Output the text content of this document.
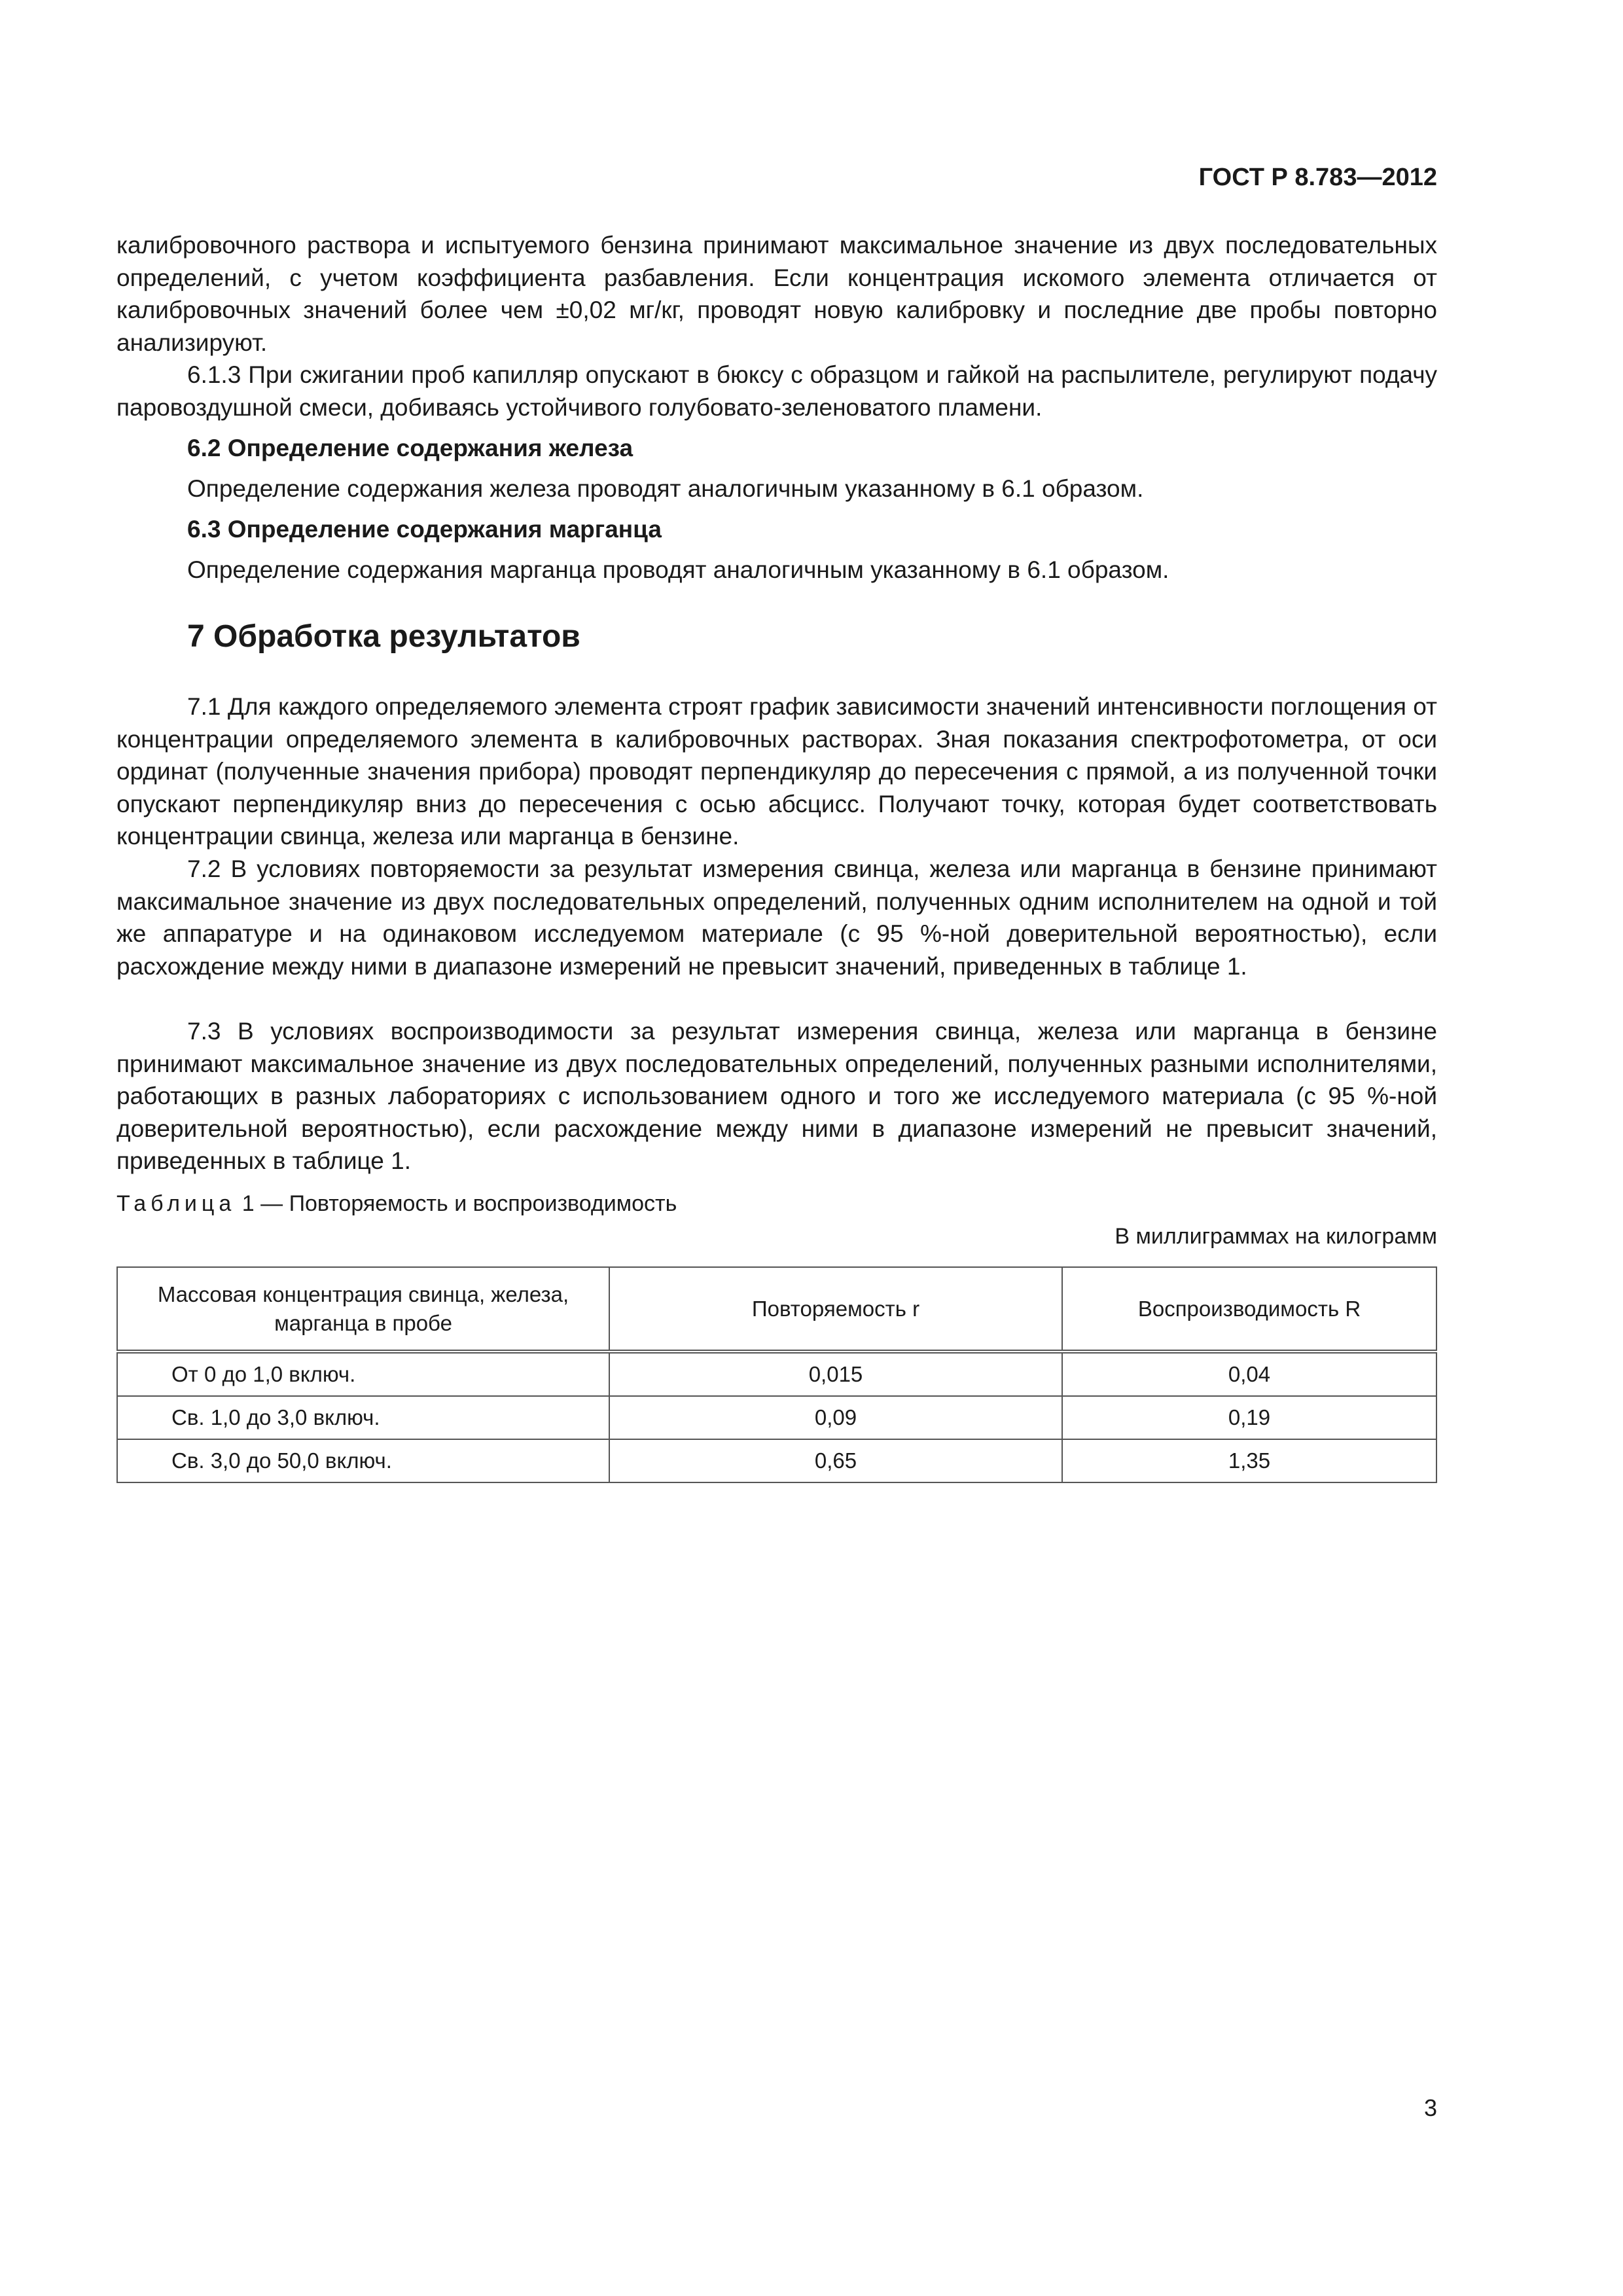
ГОСТ Р 8.783—2012
калибровочного раствора и испытуемого бензина принимают максимальное значение из двух последовательных определений, с учетом коэффициента разбавления. Если концентрация искомого элемента отличается от калибровочных значений более чем ±0,02 мг/кг, проводят новую калибровку и последние две пробы повторно анализируют.
6.1.3 При сжигании проб капилляр опускают в бюксу с образцом и гайкой на распылителе, регулируют подачу паровоздушной смеси, добиваясь устойчивого голубовато-зеленоватого пламени.
6.2 Определение содержания железа
Определение содержания железа проводят аналогичным указанному в 6.1 образом.
6.3 Определение содержания марганца
Определение содержания марганца проводят аналогичным указанному в 6.1 образом.
7 Обработка результатов
7.1 Для каждого определяемого элемента строят график зависимости значений интенсивности поглощения от концентрации определяемого элемента в калибровочных растворах. Зная показания спектрофотометра, от оси ординат (полученные значения прибора) проводят перпендикуляр до пересечения с прямой, а из полученной точки опускают перпендикуляр вниз до пересечения с осью абсцисс. Получают точку, которая будет соответствовать концентрации свинца, железа или марганца в бензине.
7.2 В условиях повторяемости за результат измерения свинца, железа или марганца в бензине принимают максимальное значение из двух последовательных определений, полученных одним исполнителем на одной и той же аппаратуре и на одинаковом исследуемом материале (с 95 %-ной доверительной вероятностью), если расхождение между ними в диапазоне измерений не превысит значений, приведенных в таблице 1.
7.3 В условиях воспроизводимости за результат измерения свинца, железа или марганца в бензине принимают максимальное значение из двух последовательных определений, полученных разными исполнителями, работающих в разных лабораториях с использованием одного и того же исследуемого материала (с 95 %-ной доверительной вероятностью), если расхождение между ними в диапазоне измерений не превысит значений, приведенных в таблице 1.
Таблица 1 — Повторяемость и воспроизводимость
В миллиграммах на килограмм
Массовая концентрация свинца, железа, марганца в пробе	Повторяемость r	Воспроизводимость R
От 0 до 1,0 включ.	0,015	0,04
Св. 1,0 до 3,0 включ.	0,09	0,19
Св. 3,0 до 50,0 включ.	0,65	1,35
3
